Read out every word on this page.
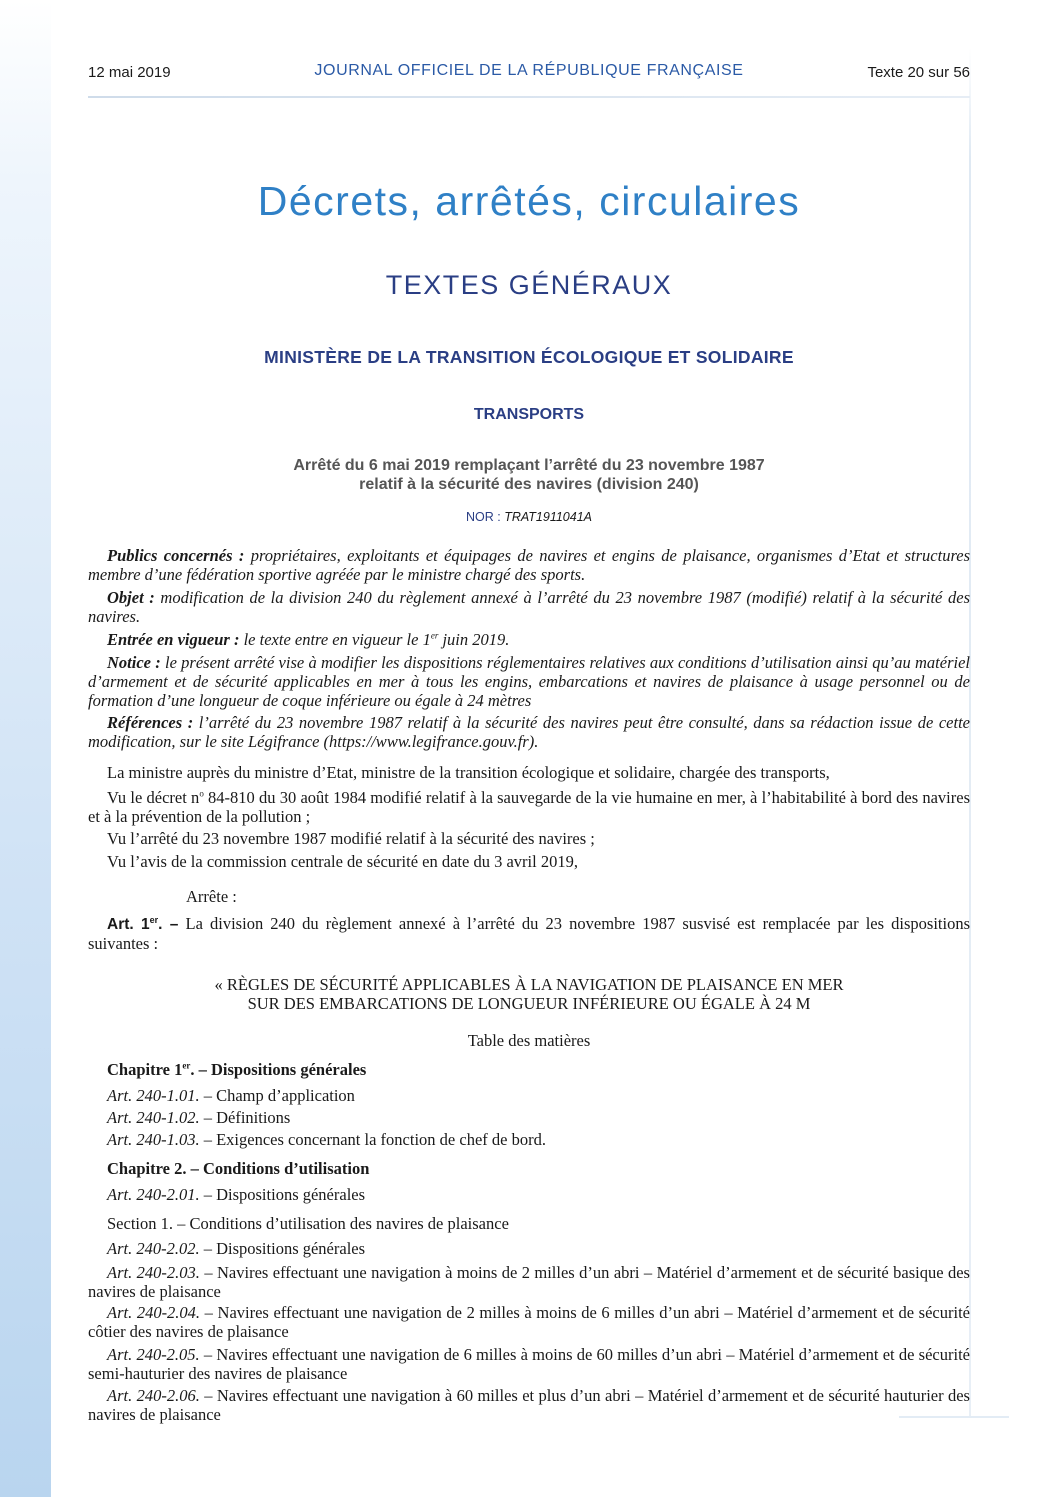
12 mai 2019	JOURNAL OFFICIEL DE LA RÉPUBLIQUE FRANÇAISE	Texte 20 sur 56
Décrets, arrêtés, circulaires
TEXTES GÉNÉRAUX
MINISTÈRE DE LA TRANSITION ÉCOLOGIQUE ET SOLIDAIRE
TRANSPORTS
Arrêté du 6 mai 2019 remplaçant l’arrêté du 23 novembre 1987
relatif à la sécurité des navires (division 240)
NOR : TRAT1911041A
Publics concernés : propriétaires, exploitants et équipages de navires et engins de plaisance, organismes d’Etat et structures membre d’une fédération sportive agréée par le ministre chargé des sports.
Objet : modification de la division 240 du règlement annexé à l’arrêté du 23 novembre 1987 (modifié) relatif à la sécurité des navires.
Entrée en vigueur : le texte entre en vigueur le 1er juin 2019.
Notice : le présent arrêté vise à modifier les dispositions réglementaires relatives aux conditions d’utilisation ainsi qu’au matériel d’armement et de sécurité applicables en mer à tous les engins, embarcations et navires de plaisance à usage personnel ou de formation d’une longueur de coque inférieure ou égale à 24 mètres
Références : l’arrêté du 23 novembre 1987 relatif à la sécurité des navires peut être consulté, dans sa rédaction issue de cette modification, sur le site Légifrance (https://www.legifrance.gouv.fr).
La ministre auprès du ministre d’Etat, ministre de la transition écologique et solidaire, chargée des transports,
Vu le décret $n^o$ 84-810 du 30 août 1984 modifié relatif à la sauvegarde de la vie humaine en mer, à l’habitabilité à bord des navires et à la prévention de la pollution ;
Vu l’arrêté du 23 novembre 1987 modifié relatif à la sécurité des navires ;
Vu l’avis de la commission centrale de sécurité en date du 3 avril 2019,
Arrête :
Art. 1er. – La division 240 du règlement annexé à l’arrêté du 23 novembre 1987 susvisé est remplacée par les dispositions suivantes :
« RÈGLES DE SÉCURITÉ APPLICABLES À LA NAVIGATION DE PLAISANCE EN MER
SUR DES EMBARCATIONS DE LONGUEUR INFÉRIEURE OU ÉGALE À 24 M
Table des matières
Chapitre 1er. – Dispositions générales
Art. 240-1.01. – Champ d’application
Art. 240-1.02. – Définitions
Art. 240-1.03. – Exigences concernant la fonction de chef de bord.
Chapitre 2. – Conditions d’utilisation
Art. 240-2.01. – Dispositions générales
Section 1. – Conditions d’utilisation des navires de plaisance
Art. 240-2.02. – Dispositions générales
Art. 240-2.03. – Navires effectuant une navigation à moins de 2 milles d’un abri – Matériel d’armement et de sécurité basique des navires de plaisance
Art. 240-2.04. – Navires effectuant une navigation de 2 milles à moins de 6 milles d’un abri – Matériel d’armement et de sécurité côtier des navires de plaisance
Art. 240-2.05. – Navires effectuant une navigation de 6 milles à moins de 60 milles d’un abri – Matériel d’armement et de sécurité semi-hauturier des navires de plaisance
Art. 240-2.06. – Navires effectuant une navigation à 60 milles et plus d’un abri – Matériel d’armement et de sécurité hauturier des navires de plaisance
